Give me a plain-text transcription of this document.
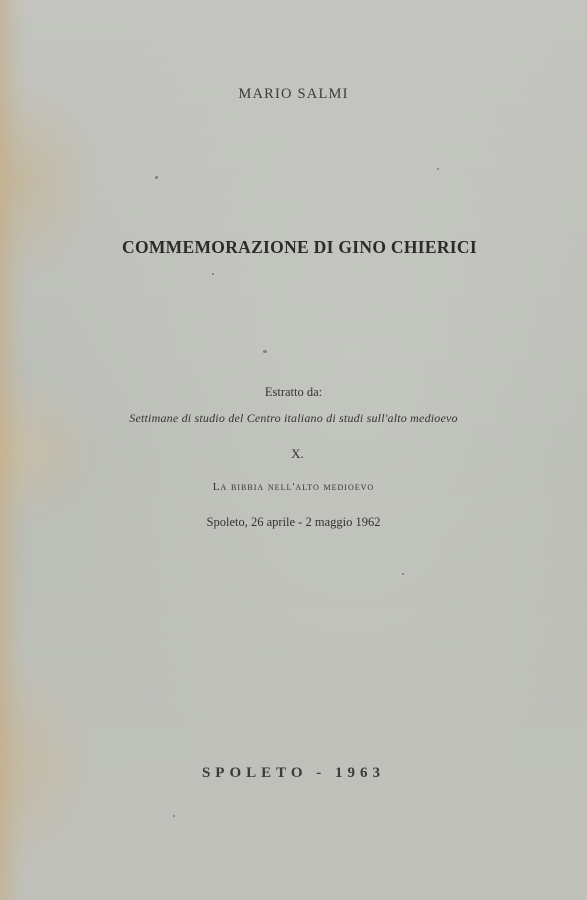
MARIO SALMI
COMMEMORAZIONE DI GINO CHIERICI
Estratto da:
Settimane di studio del Centro italiano di studi sull'alto medioevo
X.
La bibbia nell'alto medioevo
Spoleto, 26 aprile - 2 maggio 1962
SPOLETO - 1963
